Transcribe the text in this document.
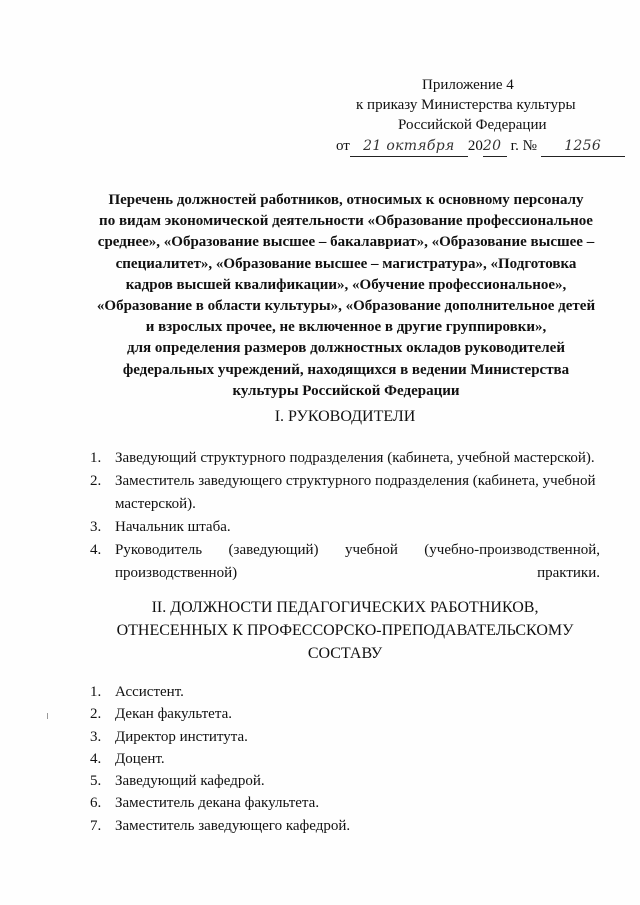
Приложение 4
к приказу Министерства культуры
Российской Федерации
от 21 октября 2020 г. № 1256
Перечень должностей работников, относимых к основному персоналу
по видам экономической деятельности «Образование профессиональное
среднее», «Образование высшее – бакалавриат», «Образование высшее –
специалитет», «Образование высшее – магистратура», «Подготовка
кадров высшей квалификации», «Обучение профессиональное»,
«Образование в области культуры», «Образование дополнительное детей
и взрослых прочее, не включенное в другие группировки»,
для определения размеров должностных окладов руководителей
федеральных учреждений, находящихся в ведении Министерства
культуры Российской Федерации
I. РУКОВОДИТЕЛИ
1. Заведующий структурного подразделения (кабинета, учебной мастерской).
2. Заместитель заведующего структурного подразделения (кабинета, учебной мастерской).
3. Начальник штаба.
4. Руководитель (заведующий) учебной (учебно-производственной, производственной) практики.
II. ДОЛЖНОСТИ ПЕДАГОГИЧЕСКИХ РАБОТНИКОВ,
ОТНЕСЕННЫХ К ПРОФЕССОРСКО-ПРЕПОДАВАТЕЛЬСКОМУ
СОСТАВУ
1. Ассистент.
2. Декан факультета.
3. Директор института.
4. Доцент.
5. Заведующий кафедрой.
6. Заместитель декана факультета.
7. Заместитель заведующего кафедрой.
